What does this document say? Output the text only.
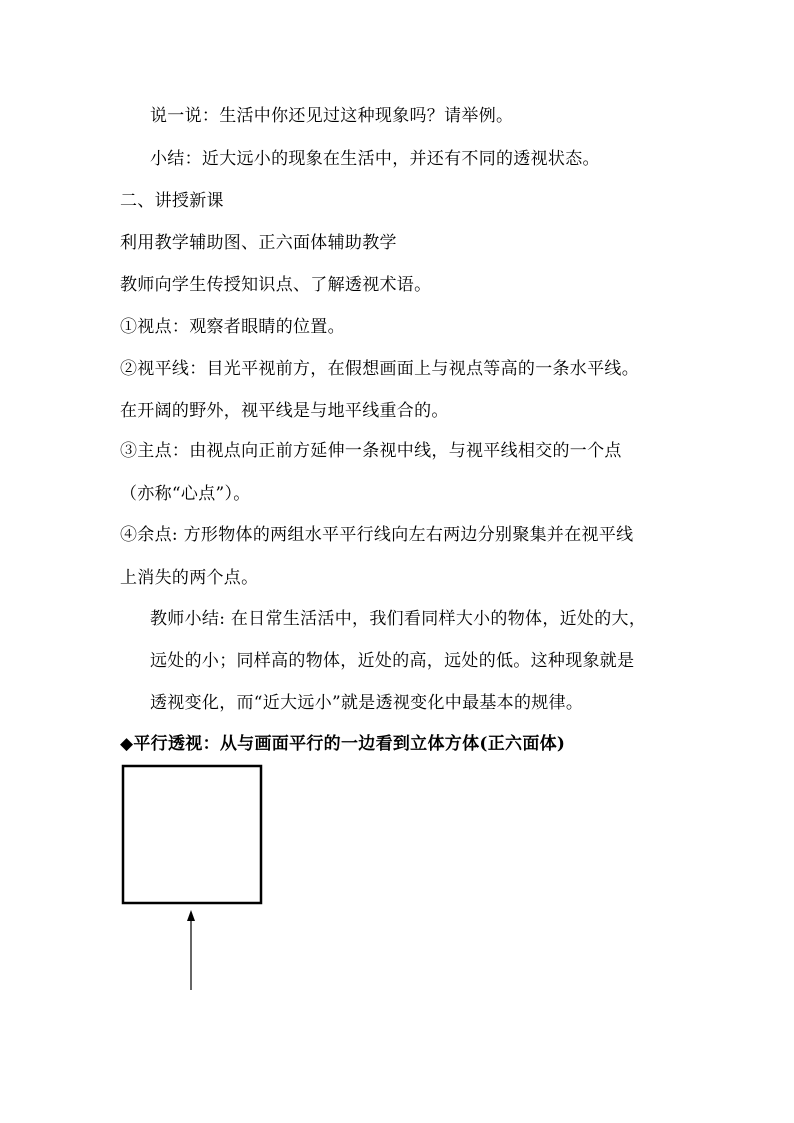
说一说：生活中你还见过这种现象吗？请举例。
小结：近大远小的现象在生活中，并还有不同的透视状态。
二、讲授新课
利用教学辅助图、正六面体辅助教学
教师向学生传授知识点、了解透视术语。
①视点：观察者眼睛的位置。
②视平线：目光平视前方，在假想画面上与视点等高的一条水平线。
在开阔的野外，视平线是与地平线重合的。
③主点：由视点向正前方延伸一条视中线，与视平线相交的一个点
（亦称“心点”）。
④余点: 方形物体的两组水平平行线向左右两边分别聚集并在视平线
上消失的两个点。
教师小结: 在日常生活活中，我们看同样大小的物体，近处的大，
远处的小；同样高的物体，近处的高，远处的低。这种现象就是
透视变化，而“近大远小”就是透视变化中最基本的规律。
◆平行透视：从与画面平行的一边看到立体方体(正六面体)
